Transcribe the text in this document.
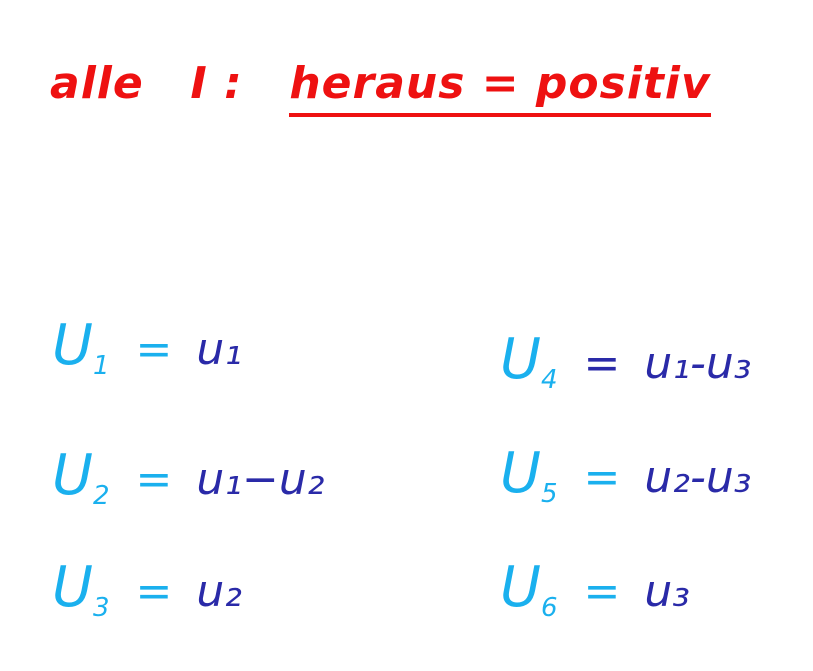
alle I : heraus = positiv
$U_1 = u_1$
$U_2 = u_1-u_2$
$U_3 = u_2$
$U_4 = u_1-u_3$
$U_5 = u_2-u_3$
$U_6 = u_3$
